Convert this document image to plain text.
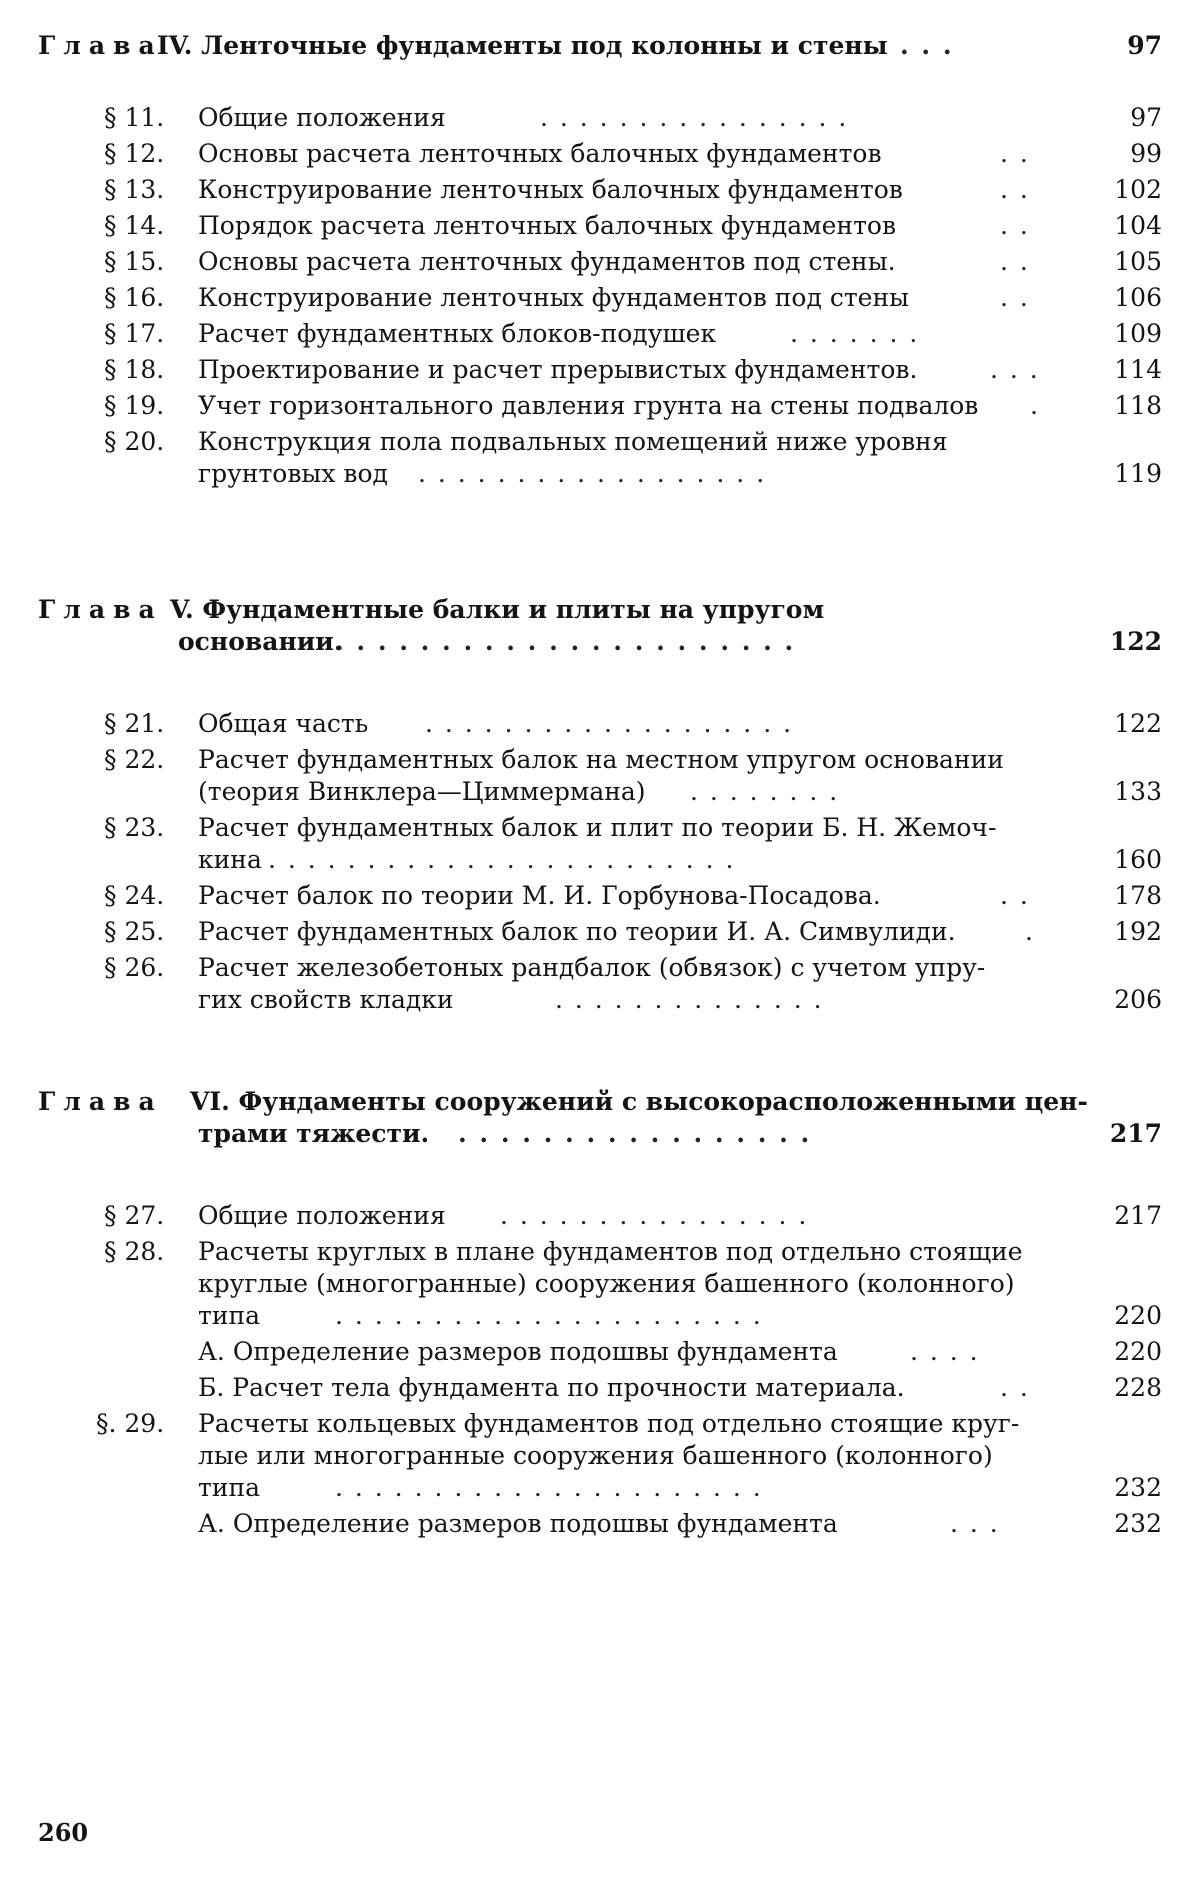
Глава
IV. Ленточные фундаменты под колонны и стены . . .	97
§ 11. Общие положения	. . . . . . . . . . . . . . . .	97
§ 12. Основы расчета ленточных балочных фундаментов	. .	99
§ 13. Конструирование ленточных балочных фундаментов	. .	102
§ 14. Порядок расчета ленточных балочных фундаментов	. .	104
§ 15. Основы расчета ленточных фундаментов под стены.	. .	105
§ 16. Конструирование ленточных фундаментов под стены	. .	106
§ 17. Расчет фундаментных блоков-подушек	. . . . . . .	109
§ 18. Проектирование и расчет прерывистых фундаментов.	. . .	114
§ 19. Учет горизонтального давления грунта на стены подвалов .	118
§ 20. Конструкция пола подвальных помещений ниже уровня
грунтовых вод . . . . . . . . . . . . . . . . . .	119
Глава V. Фундаментные балки и плиты на упругом
основании.
. . . . . . . . . . . . . . . . . . . . . .	122
§ 21. Общая часть . . . . . . . . . . . . . . . . . . .	122
§ 22. Расчет фундаментных балок на местном упругом основании
(теория Винклера—Циммермана) . . . . . . . .	133
§ 23. Расчет фундаментных балок и плит по теории Б. Н. Жемоч-
кина . . . . . . . . . . . . . . . . . . . . . . . .	160
§ 24. Расчет балок по теории М. И. Горбунова-Посадова.	. .	178
§ 25. Расчет фундаментных балок по теории И. А. Симвулиди.	.	192
§ 26. Расчет железобетоных рандбалок (обвязок) с учетом упру-
гих свойств кладки	. . . . . . . . . . . . . .	206
Глава VI. Фундаменты сооружений с высокорасположенными цен-
трами тяжести. . . . . . . . . . . . . . . . . .	217
§ 27. Общие положения . . . . . . . . . . . . . . . .	217
§ 28. Расчеты круглых в плане фундаментов под отдельно стоящие
круглые (многогранные) сооружения башенного (колонного)
типа	. . . . . . . . . . . . . . . . . . . . . .	220
А. Определение размеров подошвы фундамента	. . . .	220
Б. Расчет тела фундамента по прочности материала.	. .	228
§. 29. Расчеты кольцевых фундаментов под отдельно стоящие круг-
лые или многогранные сооружения башенного (колонного)
типа	. . . . . . . . . . . . . . . . . . . . . .	232
А. Определение размеров подошвы фундамента	. . .	232
260
